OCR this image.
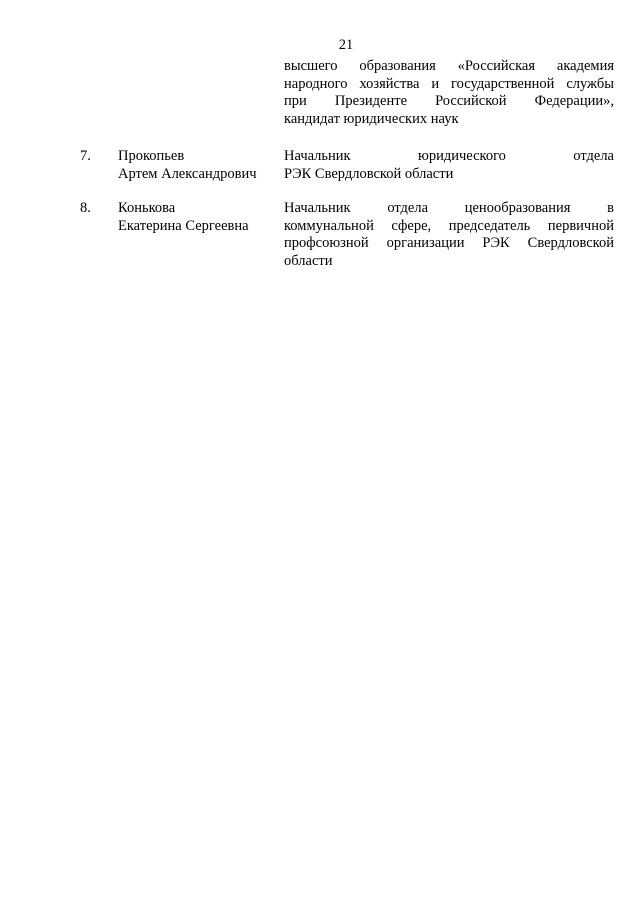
21
высшего образования «Российская академия
народного хозяйства и государственной службы
при Президенте Российской Федерации»,
кандидат юридических наук
7. Прокопьев
Артем Александрович
Начальник юридического отдела
РЭК Свердловской области
8. Конькова
Екатерина Сергеевна
Начальник отдела ценообразования в
коммунальной сфере, председатель первичной
профсоюзной организации РЭК Свердловской
области
